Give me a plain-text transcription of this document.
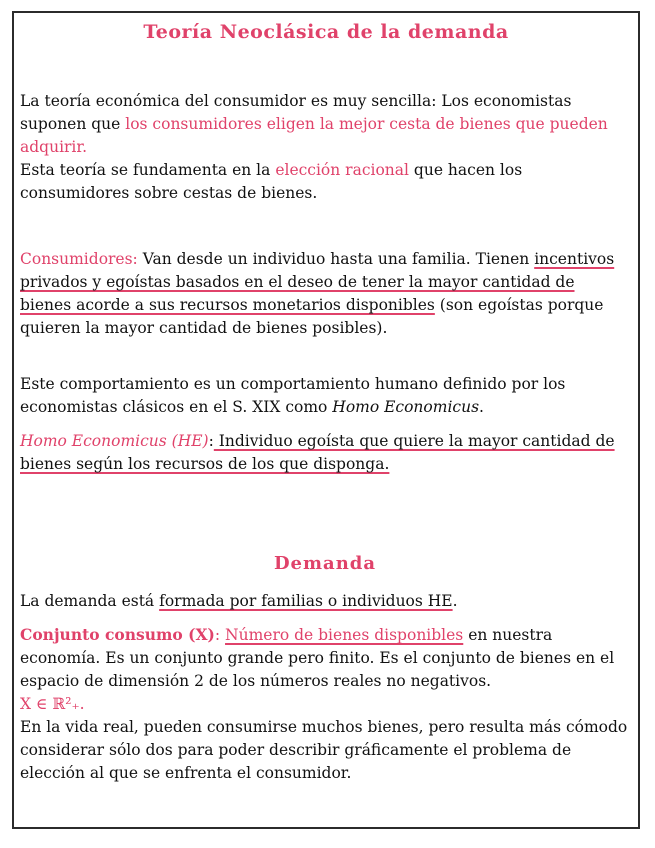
Teoría Neoclásica de la demanda

La teoría económica del consumidor es muy sencilla: Los economistas suponen que los consumidores eligen la mejor cesta de bienes que pueden adquirir.

Esta teoría se fundamenta en la elección racional que hacen los consumidores sobre cestas de bienes.

Consumidores: Van desde un individuo hasta una familia. Tienen incentivos privados y egoístas basados en el deseo de tener la mayor cantidad de bienes acorde a sus recursos monetarios disponibles (son egoístas porque quieren la mayor cantidad de bienes posibles).

Este comportamiento es un comportamiento humano definido por los economistas clásicos en el S. XIX como Homo Economicus.

Homo Economicus (HE): Individuo egoísta que quiere la mayor cantidad de bienes según los recursos de los que disponga.

Demanda

La demanda está formada por familias o individuos HE.

Conjunto consumo (X): Número de bienes disponibles en nuestra economía. Es un conjunto grande pero finito. Es el conjunto de bienes en el espacio de dimensión 2 de los números reales no negativos.

X ∈ ℝ²₊.

En la vida real, pueden consumirse muchos bienes, pero resulta más cómodo considerar sólo dos para poder describir gráficamente el problema de elección al que se enfrenta el consumidor.
